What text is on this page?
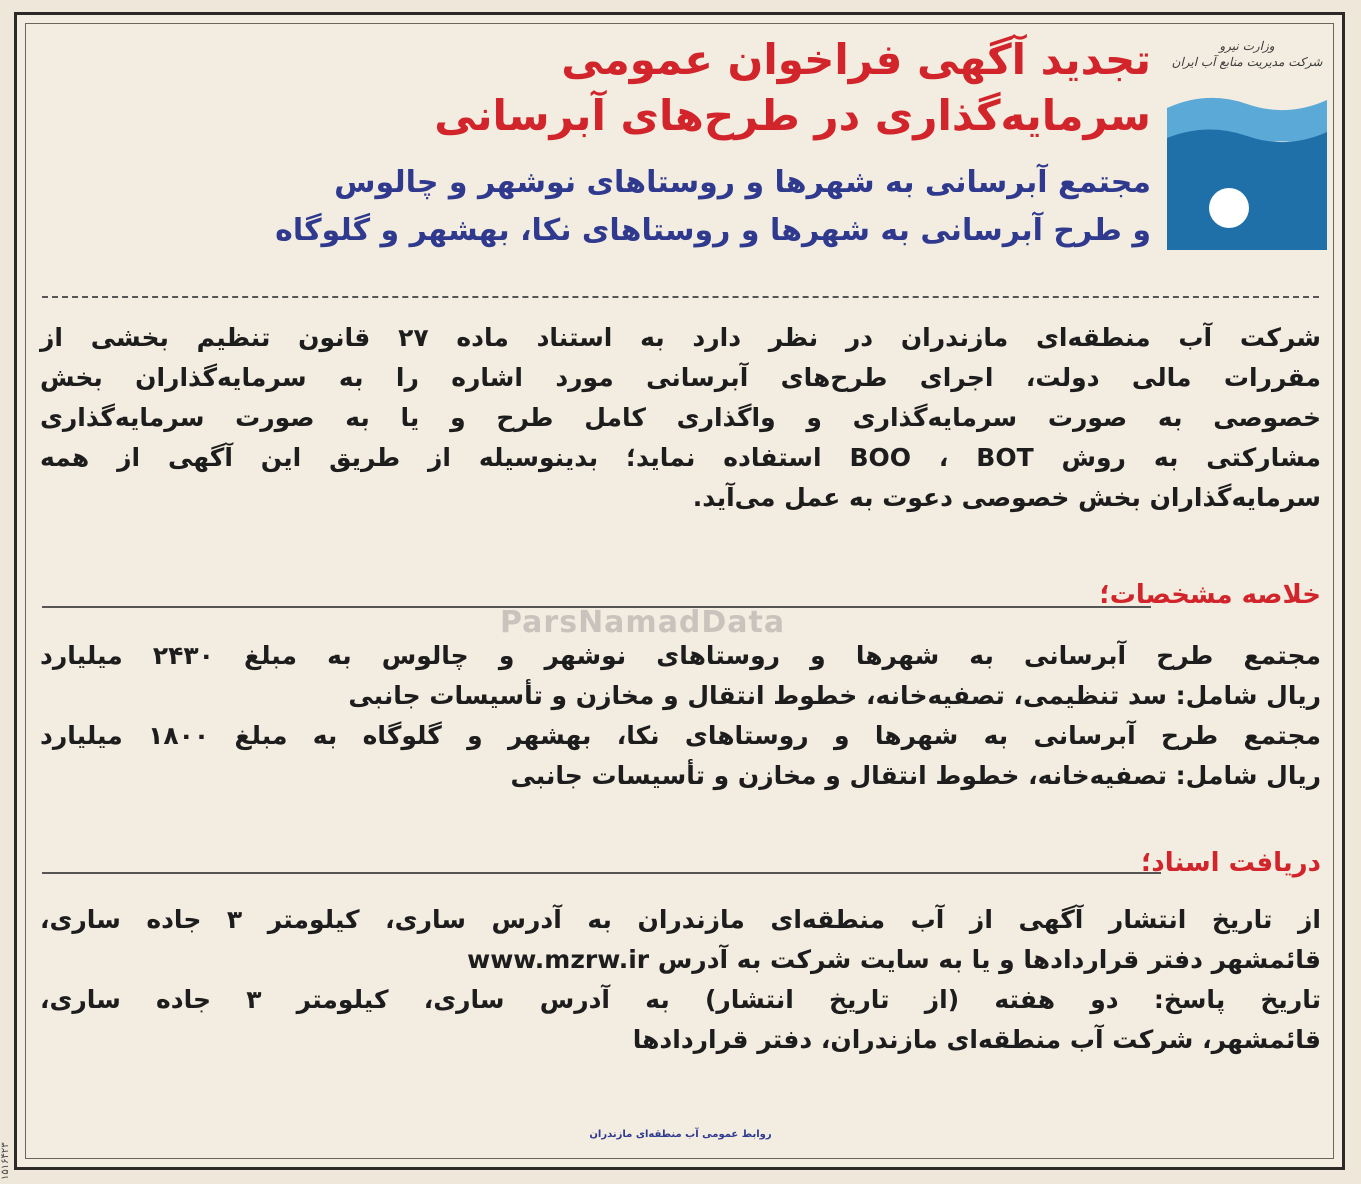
تجدید آگهی فراخوان عمومی
سرمایه‌گذاری در طرح‌های آبرسانی
مجتمع آبرسانی به شهرها و روستاهای نوشهر و چالوس
و طرح آبرسانی به شهرها و روستاهای نکا، بهشهر و گلوگاه
وزارت نیرو
شرکت مدیریت منابع آب ایران
شرکت آب منطقه‌ای مازندران در نظر دارد به استناد ماده ۲۷ قانون تنظیم بخشی از
مقررات مالی دولت، اجرای طرح‌های آبرسانی مورد اشاره را به سرمایه‌گذاران بخش
خصوصی به صورت سرمایه‌گذاری و واگذاری کامل طرح و یا به صورت سرمایه‌گذاری
مشارکتی به روش BOO ، BOT استفاده نماید؛ بدینوسیله از طریق این آگهی از همه
سرمایه‌گذاران بخش خصوصی دعوت به عمل می‌آید.
خلاصه مشخصات؛
مجتمع طرح آبرسانی به شهرها و روستاهای نوشهر و چالوس به مبلغ ۲۴۳۰ میلیارد
ریال شامل: سد تنظیمی، تصفیه‌خانه، خطوط انتقال و مخازن و تأسیسات جانبی
مجتمع طرح آبرسانی به شهرها و روستاهای نکا، بهشهر و گلوگاه به مبلغ ۱۸۰۰ میلیارد
ریال شامل: تصفیه‌خانه، خطوط انتقال و مخازن و تأسیسات جانبی
دریافت اسناد؛
از تاریخ انتشار آگهی از آب منطقه‌ای مازندران به آدرس ساری، کیلومتر ۳ جاده ساری،
قائمشهر دفتر قراردادها و یا به سایت شرکت به آدرس www.mzrw.ir
تاریخ پاسخ: دو هفته (از تاریخ انتشار) به آدرس ساری، کیلومتر ۳ جاده ساری،
قائمشهر، شرکت آب منطقه‌ای مازندران، دفتر قراردادها
روابط عمومی آب منطقه‌ای مازندران
ParsNamadData
۱۵۱۶۴۲۳
